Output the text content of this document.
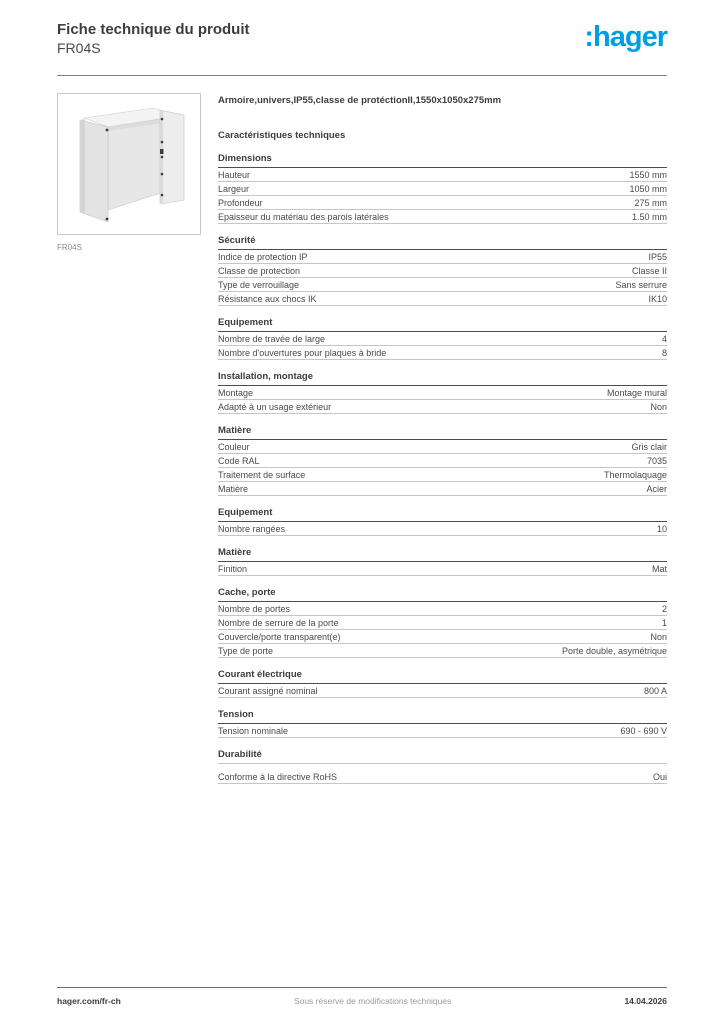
Fiche technique du produit
FR04S	:hager
FR04S
Armoire,univers,IP55,classe de protéctionII,1550x1050x275mm
Caractéristiques techniques
Dimensions
Hauteur	1550 mm
Largeur	1050 mm
Profondeur	275 mm
Epaisseur du matériau des parois latérales	1.50 mm
Sécurité
Indice de protection IP	IP55
Classe de protection	Classe II
Type de verrouillage	Sans serrure
Résistance aux chocs IK	IK10
Equipement
Nombre de travée de large	4
Nombre d'ouvertures pour plaques à bride	8
Installation, montage
Montage	Montage mural
Adapté à un usage extérieur	Non
Matière
Couleur	Gris clair
Code RAL	7035
Traitement de surface	Thermolaquage
Matière	Acier
Equipement
Nombre rangées	10
Matière
Finition	Mat
Cache, porte
Nombre de portes	2
Nombre de serrure de la porte	1
Couvercle/porte transparent(e)	Non
Type de porte	Porte double, asymétrique
Courant électrique
Courant assigné nominal	800 A
Tension
Tension nominale	690 - 690 V
Durabilité
Conforme à la directive RoHS	Oui
hager.com/fr-ch	Sous réserve de modifications techniques	14.04.2026
